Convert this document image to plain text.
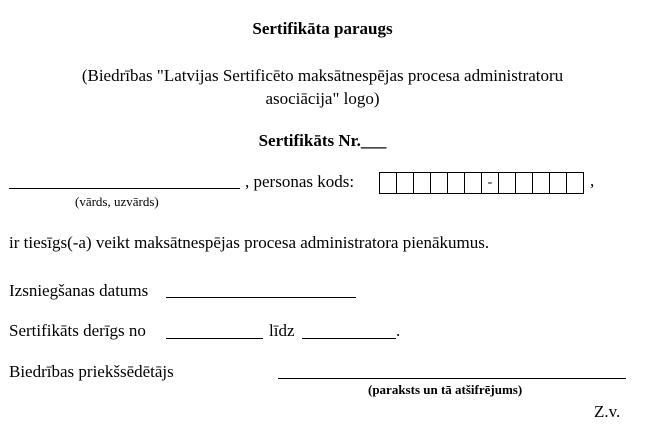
Sertifikāta paraugs
(Biedrības "Latvijas Sertificēto maksātnespējas procesa administratoru
asociācija" logo)
Sertifikāts Nr.___
, personas kods:	-	,
(vārds, uzvārds)
ir tiesīgs(-a) veikt maksātnespējas procesa administratora pienākumus.
Izsniegšanas datums
Sertifikāts derīgs no	līdz	.
Biedrības priekšsēdētājs
(paraksts un tā atšifrējums)
Z.v.
